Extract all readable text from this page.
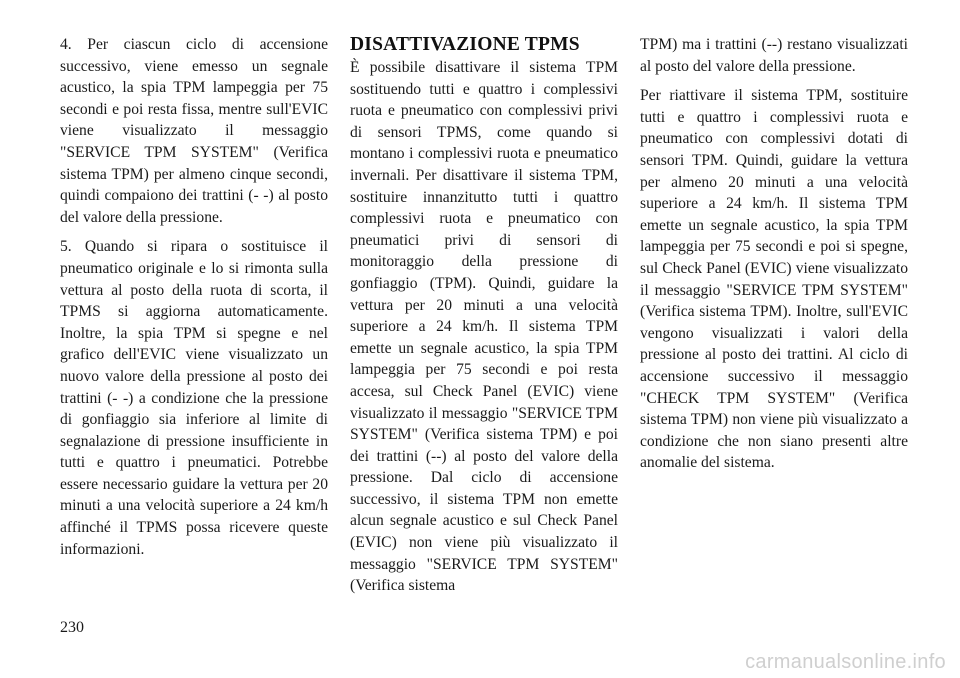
4. Per ciascun ciclo di accensione successivo, viene emesso un segnale acustico, la spia TPM lampeggia per 75 secondi e poi resta fissa, mentre sull'EVIC viene visualizzato il messaggio "SERVICE TPM SYSTEM" (Verifica sistema TPM) per almeno cinque secondi, quindi compaiono dei trattini (- -) al posto del valore della pressione.

5. Quando si ripara o sostituisce il pneumatico originale e lo si rimonta sulla vettura al posto della ruota di scorta, il TPMS si aggiorna automaticamente. Inoltre, la spia TPM si spegne e nel grafico dell'EVIC viene visualizzato un nuovo valore della pressione al posto dei trattini (- -) a condizione che la pressione di gonfiaggio sia inferiore al limite di segnalazione di pressione insufficiente in tutti e quattro i pneumatici. Potrebbe essere necessario guidare la vettura per 20 minuti a una velocità superiore a 24 km/h affinché il TPMS possa ricevere queste informazioni.

DISATTIVAZIONE TPMS

È possibile disattivare il sistema TPM sostituendo tutti e quattro i complessivi ruota e pneumatico con complessivi privi di sensori TPMS, come quando si montano i complessivi ruota e pneumatico invernali. Per disattivare il sistema TPM, sostituire innanzitutto tutti i quattro complessivi ruota e pneumatico con pneumatici privi di sensori di monitoraggio della pressione di gonfiaggio (TPM). Quindi, guidare la vettura per 20 minuti a una velocità superiore a 24 km/h. Il sistema TPM emette un segnale acustico, la spia TPM lampeggia per 75 secondi e poi resta accesa, sul Check Panel (EVIC) viene visualizzato il messaggio "SERVICE TPM SYSTEM" (Verifica sistema TPM) e poi dei trattini (--) al posto del valore della pressione. Dal ciclo di accensione successivo, il sistema TPM non emette alcun segnale acustico e sul Check Panel (EVIC) non viene più visualizzato il messaggio "SERVICE TPM SYSTEM" (Verifica sistema

TPM) ma i trattini (--) restano visualizzati al posto del valore della pressione.

Per riattivare il sistema TPM, sostituire tutti e quattro i complessivi ruota e pneumatico con complessivi dotati di sensori TPM. Quindi, guidare la vettura per almeno 20 minuti a una velocità superiore a 24 km/h. Il sistema TPM emette un segnale acustico, la spia TPM lampeggia per 75 secondi e poi si spegne, sul Check Panel (EVIC) viene visualizzato il messaggio "SERVICE TPM SYSTEM" (Verifica sistema TPM). Inoltre, sull'EVIC vengono visualizzati i valori della pressione al posto dei trattini. Al ciclo di accensione successivo il messaggio "CHECK TPM SYSTEM" (Verifica sistema TPM) non viene più visualizzato a condizione che non siano presenti altre anomalie del sistema.

230
carmanualsonline.info
